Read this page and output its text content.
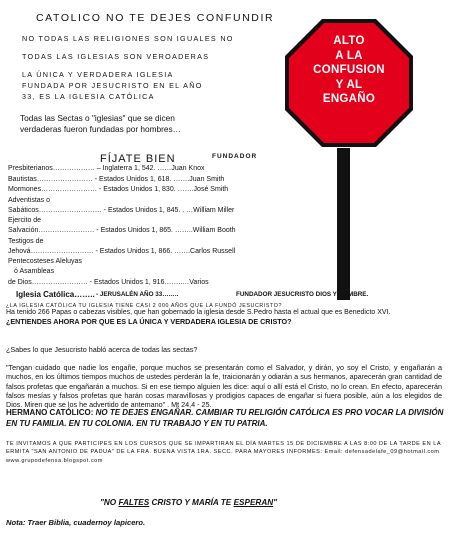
CATOLICO NO TE DEJES CONFUNDIR
NO TODAS LAS RELIGIONES SON IGUALES NO
TODAS LAS IGLESIAS SON VEROADERAS
LA ÚNICA Y VERDADERA IGLESIA
FUNDADA POR JESUCRISTO EN EL AÑO
33, ES LA IGLESIA CATÓLICA
ALTO
A LA
CONFUSION
Y AL
ENGAÑO
Todas las Sectas o "iglesias" que se dicen
verdaderas fueron fundadas por hombres…
FÍJATE BIEN	FUNDADOR
Presbiterianos……………… – Inglaterra 1, 542. ……Juan Knox
Bautistas…………………… - Estados Unidos 1, 618. …….Juan Smith
Mormones…………………… - Estados Unidos 1, 830. …….José Smith
Adventistas o
Sabáticos……………………… - Estados Unidos 1, 845. . …William Miller
Ejercito de
Salvación…………………… - Estados Unidos 1, 865. ……..William Booth
Testigos de
Jehová……………………… - Estados Unidos 1, 866. …….Carlos Russell
Pentecosteses Aleluyas
ó Asambleas
de Dios…………………… - Estados Unidos 1, 916……..…Varios
Iglesia Católica…….. - JERUSALÉN AÑO 33……..	FUNDADOR JESUCRISTO DIOS Y HOMBRE.
¿LA IGLESIA CATÓLICA TU IGLESIA TIENE CASI 2 000 AÑOS QUE LA FUNDÓ JESUCRISTO?
Ha tenido 266 Papas o cabezas visibles, que han gobernado la iglesia desde S.Pedro hasta el actual que es Benedicto XVI.
¿ENTIENDES AHORA POR QUE ES LA ÚNICA Y VERDADERA IGLESIA DE CRISTO?
¿Sabes lo que Jesucristo habló acerca de todas las sectas?
"Tengan cuidado que nadie los engañe, porque muchos se presentarán como el Salvador, y dirán, yo soy el Cristo, y engañarán a muchos, en los últimos tiempos muchos de ustedes perderán la fe, traicionarán y odiarán a sus hermanos, aparecerán gran cantidad de falsos profetas que engañarán a muchos. Si en ese tiempo alguien les dice: aquí o allí está el Cristo, no lo crean. En efecto, aparecerán falsos mesías y falsos profetas que harán cosas maravillosas y prodigios capaces de engañar si fuera posible, aún a los elegidos de Dios. Miren que se los he advertido de antemano" . Mt 24,4 - 25.
HERMANO CATÓLICO: NO TE DEJES ENGAÑAR. CAMBIAR TU RELIGIÓN CATÓLICA ES PRO VOCAR LA DIVISIÓN EN TU FAMILIA. EN TU COLONIA. EN TU TRABAJO Y EN TU PATRIA.
TE INVITAMOS A QUE PARTICIPES EN LOS CURSOS QUE SE IMPARTIRAN EL DÍA MARTES 15 DE DICIEMBRE A LAS 8:00 DE LA TARDE EN LA ERMITA "SAN ANTONIO DE PADUA" DE LA FRA. BUENA VISTA 1RA. SECC. PARA MAYORES INFORMES: Email: defensadelafe_09@hotmail.com www.grupodefensa.blogspot.com
"NO FALTES CRISTO Y MARÍA TE ESPERAN"
Nota: Traer Biblia, cuadernoy lapicero.
